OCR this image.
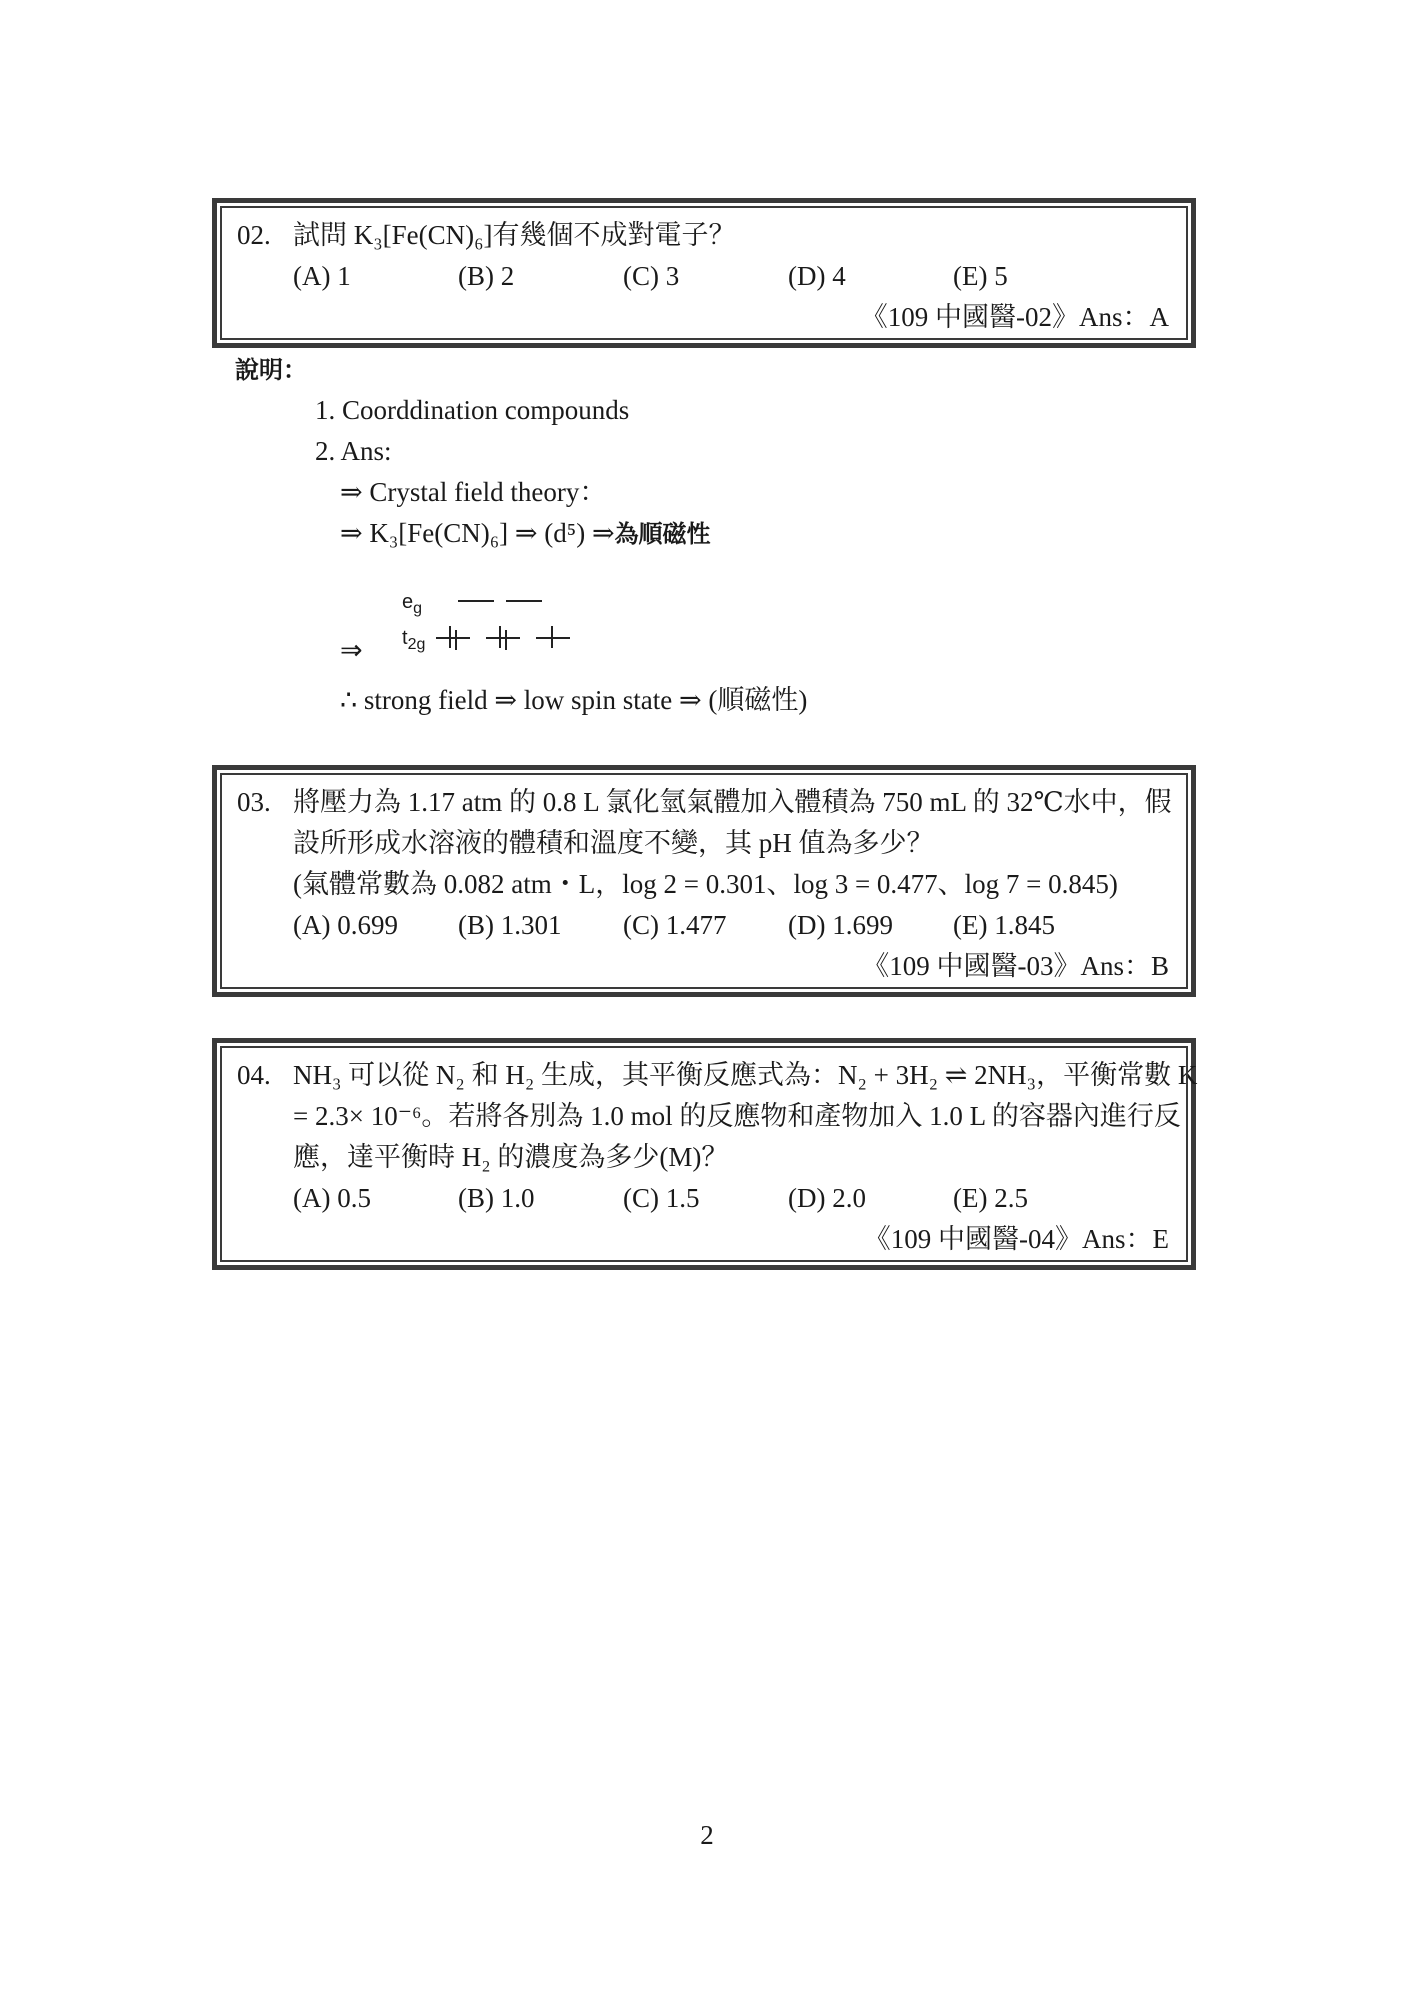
02. 試問 K₃[Fe(CN)₆]有幾個不成對電子？
(A) 1	(B) 2	(C) 3	(D) 4	(E) 5
《109 中國醫-02》Ans：A
說明：
1. Coorddination compounds
2. Ans:
⇒ Crystal field theory：
⇒ K₃[Fe(CN)₆] ⇒ (d⁵) ⇒為順磁性
⇒
$e_g$
$t_{2g}$
∴ strong field ⇒ low spin state ⇒ (順磁性)
03. 將壓力為 1.17 atm 的 0.8 L 氯化氫氣體加入體積為 750 mL 的 32℃水中，假
設所形成水溶液的體積和溫度不變，其 pH 值為多少？
(氣體常數為 0.082 atm・L，log 2 = 0.301、log 3 = 0.477、log 7 = 0.845)
(A) 0.699	(B) 1.301	(C) 1.477	(D) 1.699	(E) 1.845
《109 中國醫-03》Ans：B
04. NH₃ 可以從 N₂ 和 H₂ 生成，其平衡反應式為：N₂ + 3H₂ ⇌ 2NH₃，平衡常數 K
= 2.3× 10⁻⁶。若將各別為 1.0 mol 的反應物和產物加入 1.0 L 的容器內進行反
應，達平衡時 H₂ 的濃度為多少(M)？
(A) 0.5	(B) 1.0	(C) 1.5	(D) 2.0	(E) 2.5
《109 中國醫-04》Ans：E
2
